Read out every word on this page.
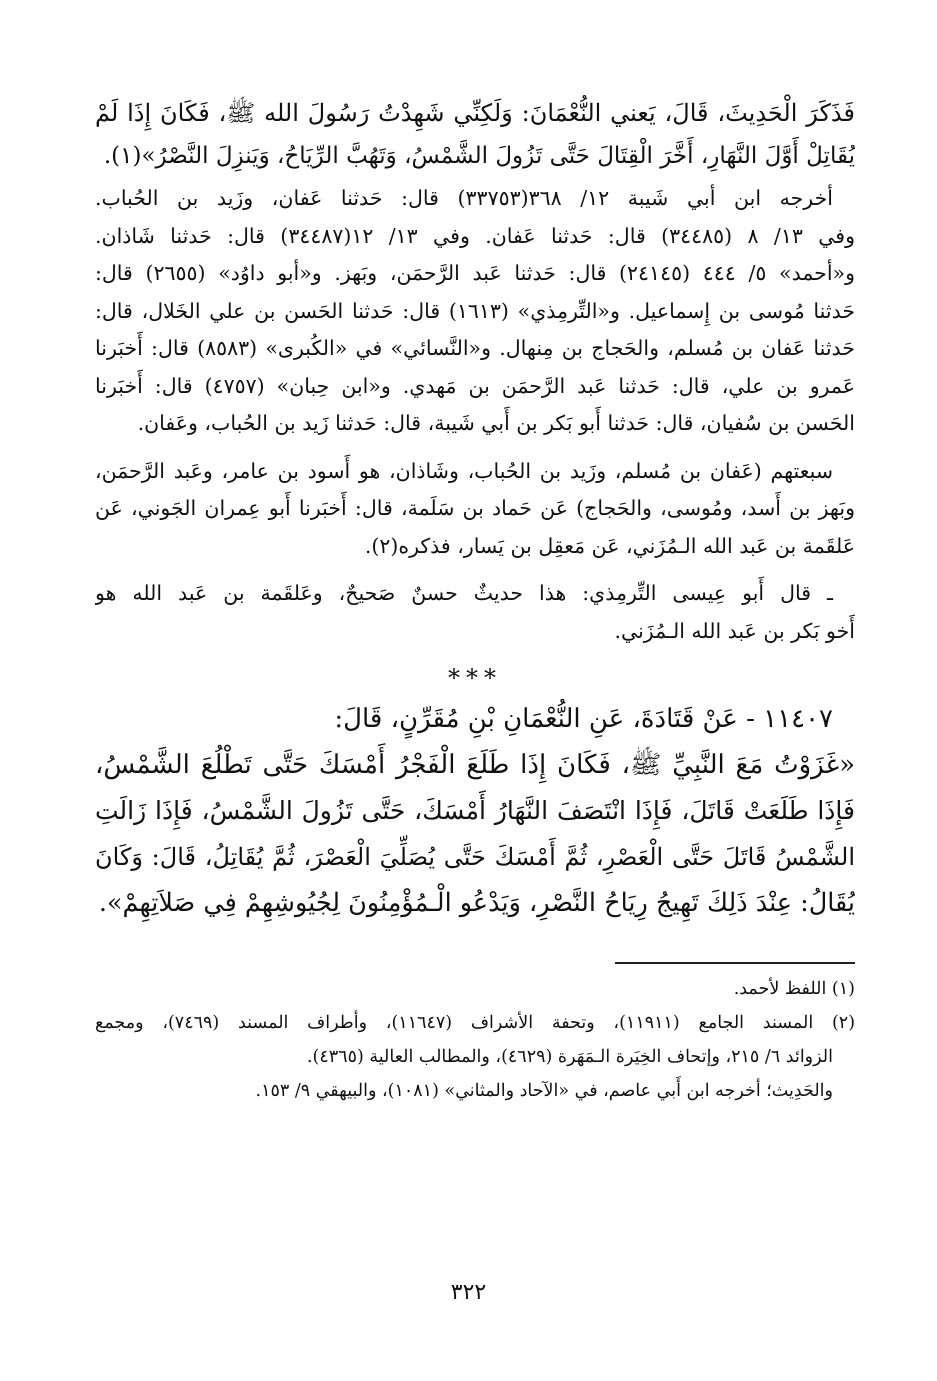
فَذَكَرَ الْحَدِيثَ، قَالَ، يَعني النُّعْمَانَ: وَلَكِنِّي شَهِدْتُ رَسُولَ الله ﷺ، فَكَانَ إِذَا لَمْ
يُقَاتِلْ أَوَّلَ النَّهَارِ، أَخَّرَ الْقِتَالَ حَتَّى تَزُولَ الشَّمْسُ، وَتَهُبَّ الرِّيَاحُ، وَيَنزِلَ النَّصْرُ»(١).
أخرجه ابن أبي شَيبة ١٢/ ٣٦٨(٣٣٧٥٣) قال: حَدثنا عَفان، وزَيد بن الحُباب.
وفي ١٣/ ٨ (٣٤٤٨٥) قال: حَدثنا عَفان. وفي ١٣/ ١٢(٣٤٤٨٧) قال: حَدثنا شَاذان.
و«أحمد» ٥/ ٤٤٤ (٢٤١٤٥) قال: حَدثنا عَبد الرَّحمَن، وبَهز. و«أبو داوُد» (٢٦٥٥) قال:
حَدثنا مُوسى بن إِسماعيل. و«التِّرمِذي» (١٦١٣) قال: حَدثنا الحَسن بن علي الخَلال، قال:
حَدثنا عَفان بن مُسلم، والحَجاج بن مِنهال. و«النَّسائي» في «الكُبرى» (٨٥٨٣) قال: أَخبَرنا
عَمرو بن علي، قال: حَدثنا عَبد الرَّحمَن بن مَهدي. و«ابن حِبان» (٤٧٥٧) قال: أَخبَرنا
الحَسن بن سُفيان، قال: حَدثنا أَبو بَكر بن أَبي شَيبة، قال: حَدثنا زَيد بن الحُباب، وعَفان.
سبعتهم (عَفان بن مُسلم، وزَيد بن الحُباب، وشَاذان، هو أَسود بن عامر، وعَبد الرَّحمَن،
وبَهز بن أَسد، ومُوسى، والحَجاج) عَن حَماد بن سَلَمة، قال: أَخبَرنا أَبو عِمران الجَوني، عَن
عَلقَمة بن عَبد الله الـمُزَني، عَن مَعقِل بن يَسار، فذكره(٢).
ـ قال أَبو عِيسى التِّرمِذي: هذا حديثٌ حسنٌ صَحيحٌ، وعَلقَمة بن عَبد الله هو
أَخو بَكر بن عَبد الله الـمُزَني.
***
١١٤٠٧ - عَنْ قَتَادَةَ، عَنِ النُّعْمَانِ بْنِ مُقَرِّنٍ، قَالَ:
«غَزَوْتُ مَعَ النَّبِيِّ ﷺ، فَكَانَ إِذَا طَلَعَ الْفَجْرُ أَمْسَكَ حَتَّى تَطْلُعَ الشَّمْسُ،
فَإِذَا طَلَعَتْ قَاتَلَ، فَإِذَا انْتَصَفَ النَّهَارُ أَمْسَكَ، حَتَّى تَزُولَ الشَّمْسُ، فَإِذَا زَالَتِ
الشَّمْسُ قَاتَلَ حَتَّى الْعَصْرِ، ثُمَّ أَمْسَكَ حَتَّى يُصَلِّيَ الْعَصْرَ، ثُمَّ يُقَاتِلُ، قَالَ: وَكَانَ
يُقَالُ: عِنْدَ ذَلِكَ تَهِيجُ رِيَاحُ النَّصْرِ، وَيَدْعُو الْـمُؤْمِنُونَ لِجُيُوشِهِمْ فِي صَلاَتِهِمْ».
(١) اللفظ لأحمد.
(٢) المسند الجامع (١١٩١١)، وتحفة الأشراف (١١٦٤٧)، وأطراف المسند (٧٤٦٩)، ومجمع
الزوائد ٦/ ٢١٥، وإتحاف الخِيَرة الـمَهَرة (٤٦٢٩)، والمطالب العالية (٤٣٦٥).
والحَدِيث؛ أخرجه ابن أَبي عاصم، في «الآحاد والمثاني» (١٠٨١)، والبيهقي ٩/ ١٥٣.
٣٢٢
